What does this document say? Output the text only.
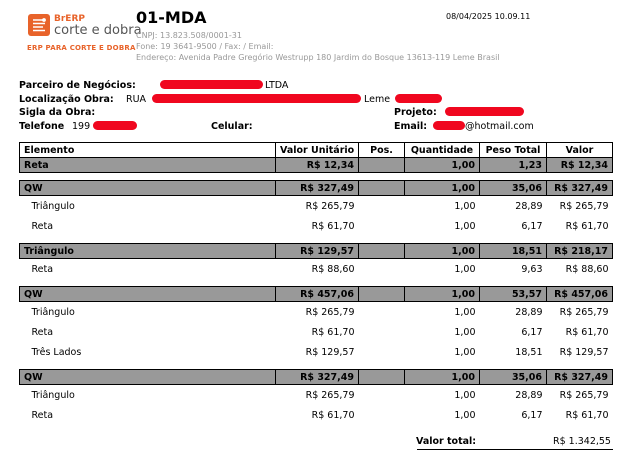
BrERP
corte e dobra
ERP PARA CORTE E DOBRA
01-MDA	08/04/2025 10.09.11
CNPJ: 13.823.508/0001-31
Fone: 19 3641-9500 / Fax: / Email:
Endereço: Avenida Padre Gregório Westrupp 180 Jardim do Bosque 13613-119 Leme Brasil
Parceiro de Negócios:	LTDA
Localização Obra: RUA	Leme
Sigla da Obra:	Projeto:
Telefone 199	Celular:	Email:	@hotmail.com
Elemento	Valor Unitário	Pos.	Quantidade	Peso Total	Valor
Reta	R$ 12,34		1,00	1,23	R$ 12,34

QW	R$ 327,49		1,00	35,06	R$ 327,49
Triângulo	R$ 265,79		1,00	28,89	R$ 265,79
Reta	R$ 61,70		1,00	6,17	R$ 61,70

Triângulo	R$ 129,57		1,00	18,51	R$ 218,17
Reta	R$ 88,60		1,00	9,63	R$ 88,60

QW	R$ 457,06		1,00	53,57	R$ 457,06
Triângulo	R$ 265,79		1,00	28,89	R$ 265,79
Reta	R$ 61,70		1,00	6,17	R$ 61,70
Três Lados	R$ 129,57		1,00	18,51	R$ 129,57

QW	R$ 327,49		1,00	35,06	R$ 327,49
Triângulo	R$ 265,79		1,00	28,89	R$ 265,79
Reta	R$ 61,70		1,00	6,17	R$ 61,70
Valor total:	R$ 1.342,55
